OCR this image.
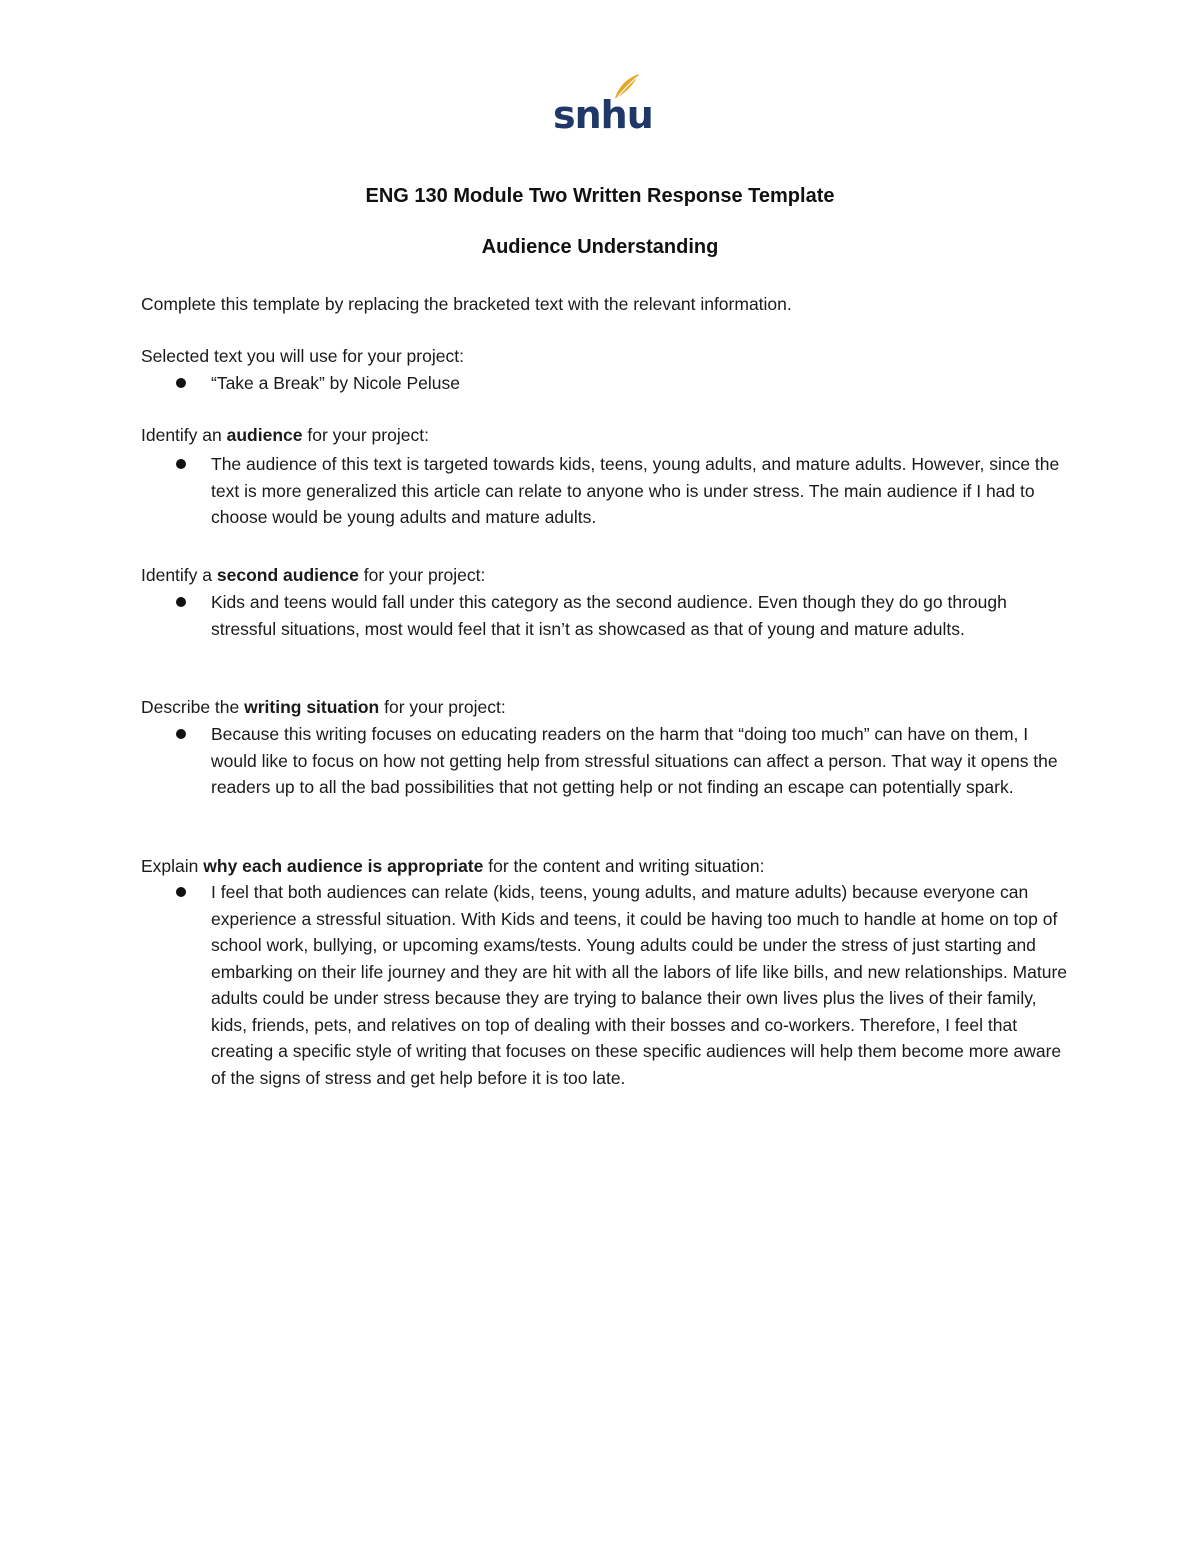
snhu
ENG 130 Module Two Written Response Template
Audience Understanding
Complete this template by replacing the bracketed text with the relevant information.
Selected text you will use for your project:
“Take a Break” by Nicole Peluse
Identify an audience for your project:
The audience of this text is targeted towards kids, teens, young adults, and mature adults. However, since the text is more generalized this article can relate to anyone who is under stress. The main audience if I had to choose would be young adults and mature adults.
Identify a second audience for your project:
Kids and teens would fall under this category as the second audience. Even though they do go through stressful situations, most would feel that it isn’t as showcased as that of young and mature adults.
Describe the writing situation for your project:
Because this writing focuses on educating readers on the harm that “doing too much” can have on them, I would like to focus on how not getting help from stressful situations can affect a person. That way it opens the readers up to all the bad possibilities that not getting help or not finding an escape can potentially spark.
Explain why each audience is appropriate for the content and writing situation:
I feel that both audiences can relate (kids, teens, young adults, and mature adults) because everyone can experience a stressful situation. With Kids and teens, it could be having too much to handle at home on top of school work, bullying, or upcoming exams/tests. Young adults could be under the stress of just starting and embarking on their life journey and they are hit with all the labors of life like bills, and new relationships. Mature adults could be under stress because they are trying to balance their own lives plus the lives of their family, kids, friends, pets, and relatives on top of dealing with their bosses and co-workers. Therefore, I feel that creating a specific style of writing that focuses on these specific audiences will help them become more aware of the signs of stress and get help before it is too late.
